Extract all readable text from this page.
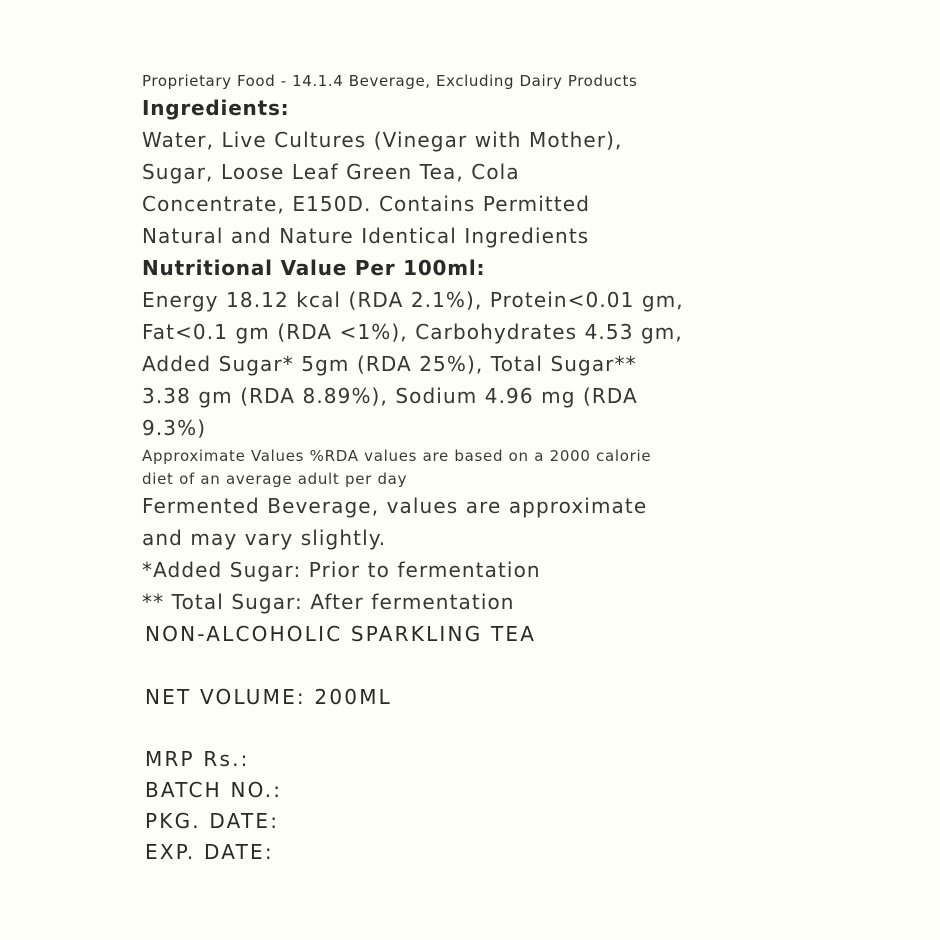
Proprietary Food - 14.1.4 Beverage, Excluding Dairy Products
Ingredients:
Water, Live Cultures (Vinegar with Mother),
Sugar, Loose Leaf Green Tea, Cola
Concentrate, E150D. Contains Permitted
Natural and Nature Identical Ingredients
Nutritional Value Per 100ml:
Energy 18.12 kcal (RDA 2.1%), Protein<0.01 gm,
Fat<0.1 gm (RDA <1%), Carbohydrates 4.53 gm,
Added Sugar* 5gm (RDA 25%), Total Sugar**
3.38 gm (RDA 8.89%), Sodium 4.96 mg (RDA
9.3%)
Approximate Values %RDA values are based on a 2000 calorie
diet of an average adult per day
Fermented Beverage, values are approximate
and may vary slightly.
*Added Sugar: Prior to fermentation
** Total Sugar: After fermentation
NON-ALCOHOLIC SPARKLING TEA
NET VOLUME: 200ML
MRP Rs.:
BATCH NO.:
PKG. DATE:
EXP. DATE:
